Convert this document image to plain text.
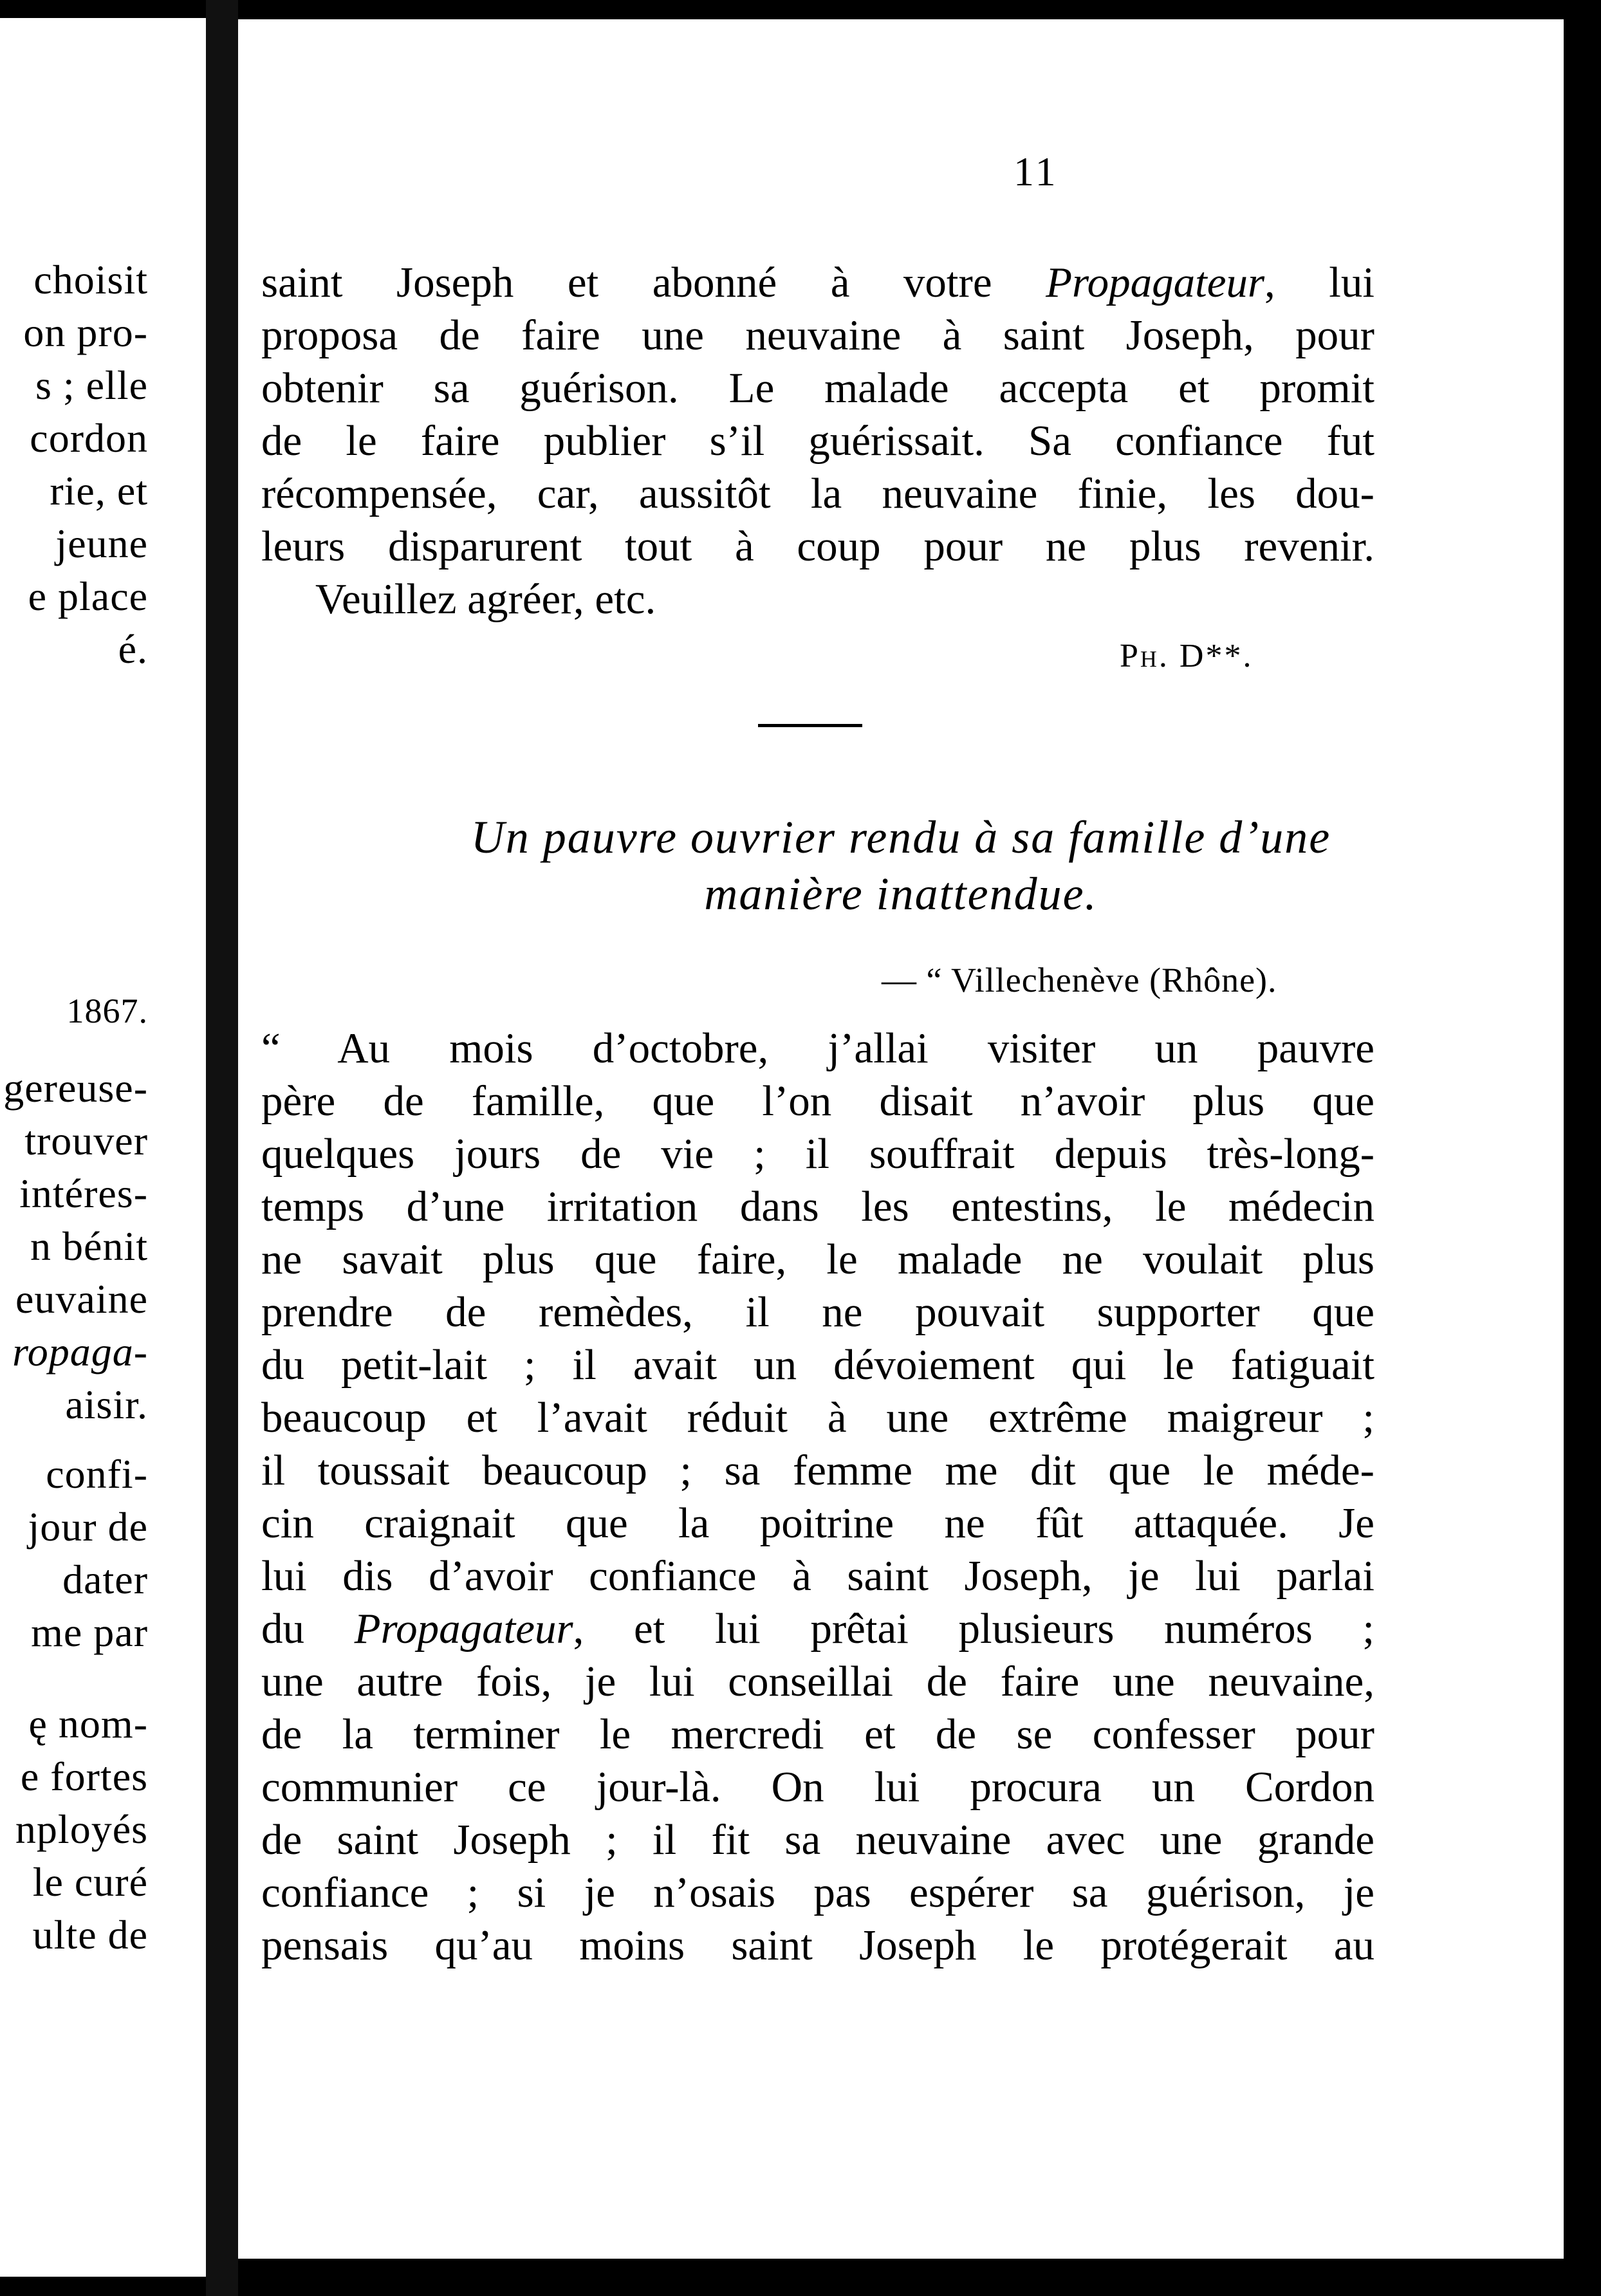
choisit
on pro-
s ; elle
cordon
rie, et
jeune
e place
é.
1867.
gereuse-
trouver
intéres-
n bénit
euvaine
ropaga-
aisir.
confi-
jour de
dater
me par
ę nom-
e fortes
nployés
le curé
ulte de
11
saint Joseph et abonné à votre Propagateur, lui
proposa de faire une neuvaine à saint Joseph, pour
obtenir sa guérison. Le malade accepta et promit
de le faire publier s’il guérissait. Sa confiance fut
récompensée, car, aussitôt la neuvaine finie, les dou-
leurs disparurent tout à coup pour ne plus revenir.
Veuillez agréer, etc.
Ph. D**.
Un pauvre ouvrier rendu à sa famille d’une
manière inattendue.
— “ Villechenève (Rhône).
“ Au mois d’octobre, j’allai visiter un pauvre
père de famille, que l’on disait n’avoir plus que
quelques jours de vie ; il souffrait depuis très-long-
temps d’une irritation dans les entestins, le médecin
ne savait plus que faire, le malade ne voulait plus
prendre de remèdes, il ne pouvait supporter que
du petit-lait ; il avait un dévoiement qui le fatiguait
beaucoup et l’avait réduit à une extrême maigreur ;
il toussait beaucoup ; sa femme me dit que le méde-
cin craignait que la poitrine ne fût attaquée. Je
lui dis d’avoir confiance à saint Joseph, je lui parlai
du Propagateur, et lui prêtai plusieurs numéros ;
une autre fois, je lui conseillai de faire une neuvaine,
de la terminer le mercredi et de se confesser pour
communier ce jour-là. On lui procura un Cordon
de saint Joseph ; il fit sa neuvaine avec une grande
confiance ; si je n’osais pas espérer sa guérison, je
pensais qu’au moins saint Joseph le protégerait au
